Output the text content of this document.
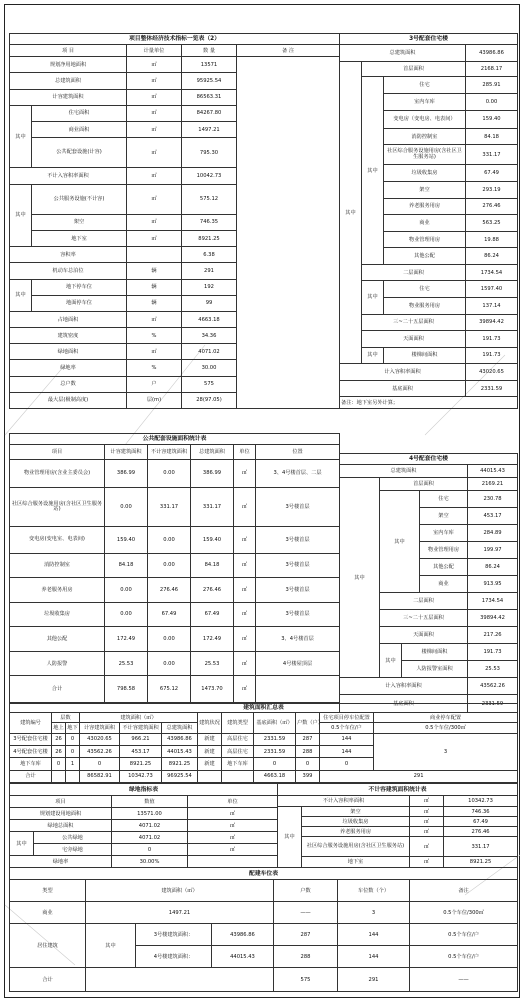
项目整体经济技术指标一览表（2）				
项 目		计量单位	数 量	备 注
规划净用地面积		㎡	13571	
总建筑面积		㎡	95925.54	
计容建筑面积		㎡	86563.31	
其中	住宅面积	㎡	84267.80	
	商业面积	㎡	1497.21	
	公共配套设施(计容)	㎡	795.30	
不计入容积率面积		㎡	10042.73	
其中	公共服务设施(不计容)	㎡	575.12	
	架空	㎡	746.35	
	地下室	㎡	8921.25	
容积率			6.38	
机动车总泊位		辆	291	
其中	地下停车位	辆	192	
	地面停车位	辆	99	
占地面积		㎡	4663.18	
建筑密度		%	34.36	
绿地面积		㎡	4071.02	
绿地率		%	30.00	
总户数		户	575	
最大层(极制高度)		层(m)	28(97.05)	
3号配套住宅楼			
总建筑面积			43986.86
其中	首层面积		2168.17
	其中	住宅	285.91
		室内车库	0.00
		变电房（变电房、电表间）	159.40
		消防控制室	84.18
		社区综合服务设施用房(含社区卫生服务站)	331.17
		垃圾收集房	67.49
		架空	293.19
		养老服务用房	276.46
		商业	563.25
		物业管理用房	19.88
		其他公配	86.24
	二层面积		1734.54
	其中	住宅	1597.40
		物业服务用房	137.14
	三~二十五层面积		39894.42
	天面面积		191.73
	其中	楼梯间面积	191.73
计入容积率面积			43020.65
基底面积			2331.59
备注：地下室另外计算；			
公共配套设施面积统计表					
项目	计容建筑面积	不计容建筑面积	总建筑面积	单位	位置
物业管理用房(含业主委员会)	386.99	0.00	386.99	㎡	3、4号楼首层、二层
社区综合服务设施用房(含社区卫生服务站)	0.00	331.17	331.17	㎡	3号楼首层
变电房(变电室、电表间)	159.40	0.00	159.40	㎡	3号楼首层
消防控制室	84.18	0.00	84.18	㎡	3号楼首层
养老服务用房	0.00	276.46	276.46	㎡	3号楼首层
垃圾收集房	0.00	67.49	67.49	㎡	3号楼首层
其他公配	172.49	0.00	172.49	㎡	3、4号楼首层
人防报警	25.53	0.00	25.53	㎡	4号楼屋顶层
合计	798.58	675.12	1473.70	㎡	
4号配套住宅楼				
总建筑面积				44015.43
其中	首层面积			2169.21
	其中		住宅	230.78
			架空	453.17
			室内车库	284.89
			物业管理用房	199.97
			其他公配	86.24
			商业	913.95
	二层面积			1734.54
	三~二十五层面积			39894.42
	天面面积			217.26
	其中	楼梯间面积		191.73
		人防报警室面积		25.53
计入容积率面积				43562.26
基底面积				2331.59
建筑面积汇总表											
建筑编号	层数		建筑面积（㎡）			建筑状况	建筑类型	基底面积（㎡）	户数（户）	住宅项目停车位配置	商业停车配置
	地上	地下	计容建筑面积	不计容建筑面积	总建筑面积					0.5个车位/户	0.5个车位/300㎡
3号配套住宅楼	26	0	43020.65	966.21	43986.86	新建	高层住宅	2331.59	287	144	3
4号配套住宅楼	26	0	43562.26	453.17	44015.43	新建	高层住宅	2331.59	288	144	
地下车库	0	1	0	8921.25	8921.25	新建	地下车库	0	0	0	
合计			86582.91	10342.73	96925.54			4663.18	399	291	
绿地指标表			
项目		数值	单位
规划建设用地面积		13571.00	㎡
绿地总面积		4071.02	㎡
其中	公共绿地	4071.02	㎡
	宅旁绿地	0	㎡
绿地率		30.00%	
不计容建筑面积统计表			
不计入容积率面积		㎡	10342.73
其中	架空	㎡	746.36
	垃圾收集房	㎡	67.49
	养老服务用房	㎡	276.46
	社区综合服务设施用房(含社区卫生服务站)	㎡	331.17
	地下室	㎡	8921.25
配建车位表						
类型	建筑面积（㎡）			户数	车位数（个）	备注
商业	1497.21			——	3	0.5个车位/300㎡
居住建筑	其中	3号楼建筑面积：	43986.86	287	144	0.5个车位/户
		4号楼建筑面积：	44015.43	288	144	0.5个车位/户
合计				575	291	——
